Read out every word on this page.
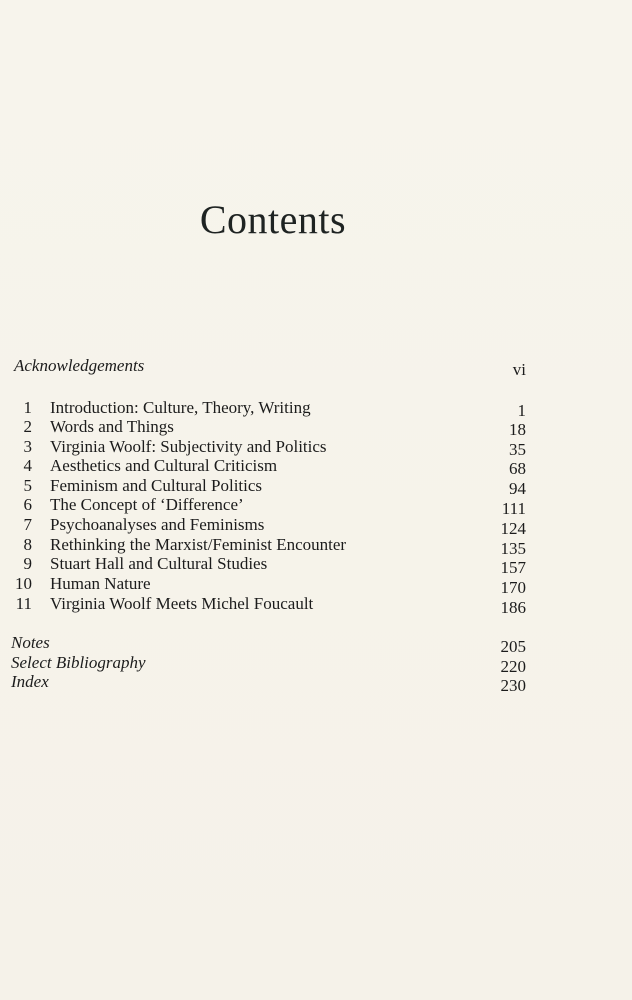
Contents
Acknowledgements	vi
1 Introduction: Culture, Theory, Writing	1
2 Words and Things	18
3 Virginia Woolf: Subjectivity and Politics	35
4 Aesthetics and Cultural Criticism	68
5 Feminism and Cultural Politics	94
6 The Concept of ‘Difference’	111
7 Psychoanalyses and Feminisms	124
8 Rethinking the Marxist/Feminist Encounter	135
9 Stuart Hall and Cultural Studies	157
10 Human Nature	170
11 Virginia Woolf Meets Michel Foucault	186
Notes	205
Select Bibliography	220
Index	230
